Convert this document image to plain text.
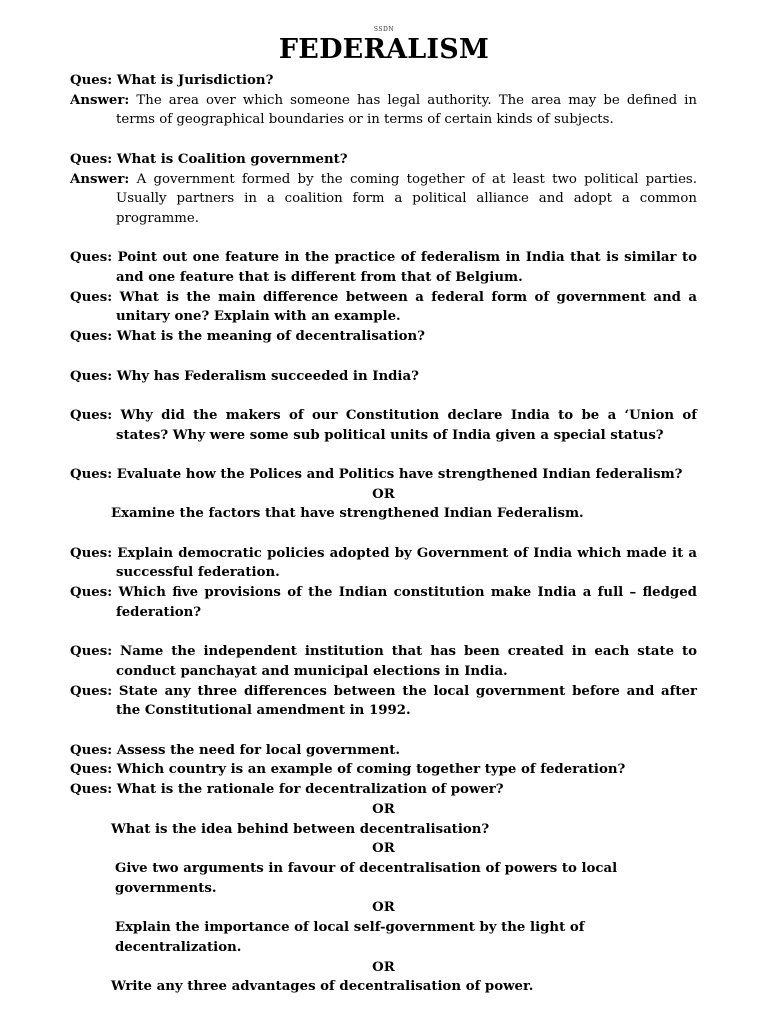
SSDN
FEDERALISM
Ques: What is Jurisdiction?
Answer: The area over which someone has legal authority. The area may be defined in terms of geographical boundaries or in terms of certain kinds of subjects.
Ques: What is Coalition government?
Answer: A government formed by the coming together of at least two political parties. Usually partners in a coalition form a political alliance and adopt a common programme.
Ques: Point out one feature in the practice of federalism in India that is similar to and one feature that is different from that of Belgium.
Ques: What is the main difference between a federal form of government and a unitary one? Explain with an example.
Ques: What is the meaning of decentralisation?
Ques: Why has Federalism succeeded in India?
Ques: Why did the makers of our Constitution declare India to be a ‘Union of states? Why were some sub political units of India given a special status?
Ques: Evaluate how the Polices and Politics have strengthened Indian federalism?
OR
Examine the factors that have strengthened Indian Federalism.
Ques: Explain democratic policies adopted by Government of India which made it a successful federation.
Ques: Which five provisions of the Indian constitution make India a full – fledged federation?
Ques: Name the independent institution that has been created in each state to conduct panchayat and municipal elections in India.
Ques: State any three differences between the local government before and after the Constitutional amendment in 1992.
Ques: Assess the need for local government.
Ques: Which country is an example of coming together type of federation?
Ques: What is the rationale for decentralization of power?
OR
What is the idea behind between decentralisation?
OR
Give two arguments in favour of decentralisation of powers to local governments.
OR
Explain the importance of local self-government by the light of decentralization.
OR
Write any three advantages of decentralisation of power.
